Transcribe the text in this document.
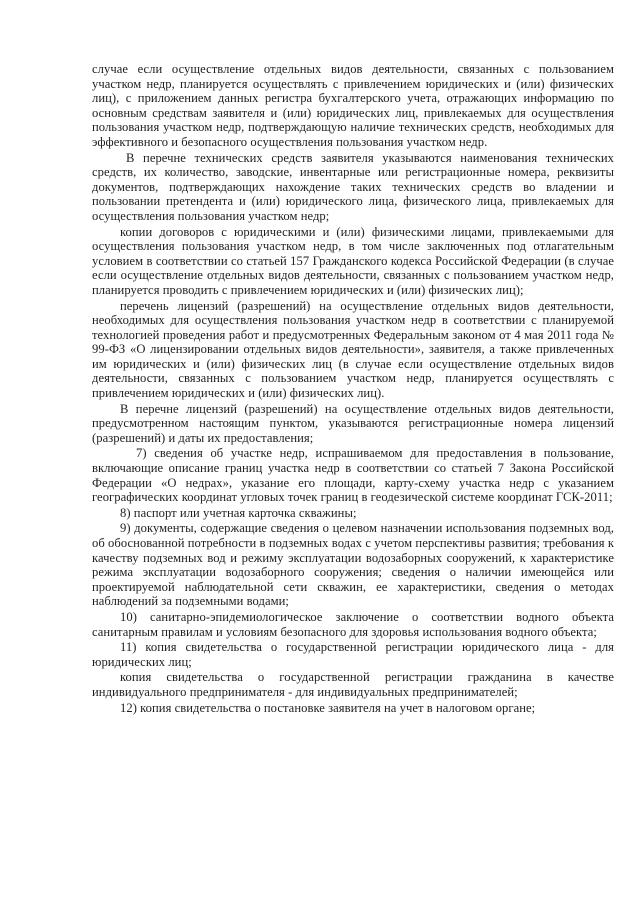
случае если осуществление отдельных видов деятельности, связанных с пользованием участком недр, планируется осуществлять с привлечением юридических и (или) физических лиц), с приложением данных регистра бухгалтерского учета, отражающих информацию по основным средствам заявителя и (или) юридических лиц, привлекаемых для осуществления пользования участком недр, подтверждающую наличие технических средств, необходимых для эффективного и безопасного осуществления пользования участком недр.

В перечне технических средств заявителя указываются наименования технических средств, их количество, заводские, инвентарные или регистрационные номера, реквизиты документов, подтверждающих нахождение таких технических средств во владении и пользовании претендента и (или) юридического лица, физического лица, привлекаемых для осуществления пользования участком недр;

копии договоров с юридическими и (или) физическими лицами, привлекаемыми для осуществления пользования участком недр, в том числе заключенных под отлагательным условием в соответствии со статьей 157 Гражданского кодекса Российской Федерации (в случае если осуществление отдельных видов деятельности, связанных с пользованием участком недр, планируется проводить с привлечением юридических и (или) физических лиц);

перечень лицензий (разрешений) на осуществление отдельных видов деятельности, необходимых для осуществления пользования участком недр в соответствии с планируемой технологией проведения работ и предусмотренных Федеральным законом от 4 мая 2011 года № 99-ФЗ «О лицензировании отдельных видов деятельности», заявителя, а также привлеченных им юридических и (или) физических лиц (в случае если осуществление отдельных видов деятельности, связанных с пользованием участком недр, планируется осуществлять с привлечением юридических и (или) физических лиц).

В перечне лицензий (разрешений) на осуществление отдельных видов деятельности, предусмотренном настоящим пунктом, указываются регистрационные номера лицензий (разрешений) и даты их предоставления;

7) сведения об участке недр, испрашиваемом для предоставления в пользование, включающие описание границ участка недр в соответствии со статьей 7 Закона Российской Федерации «О недрах», указание его площади, карту-схему участка недр с указанием географических координат угловых точек границ в геодезической системе координат ГСК-2011;

8) паспорт или учетная карточка скважины;

9) документы, содержащие сведения о целевом назначении использования подземных вод, об обоснованной потребности в подземных водах с учетом перспективы развития; требования к качеству подземных вод и режиму эксплуатации водозаборных сооружений, к характеристике режима эксплуатации водозаборного сооружения; сведения о наличии имеющейся или проектируемой наблюдательной сети скважин, ее характеристики, сведения о методах наблюдений за подземными водами;

10) санитарно-эпидемиологическое заключение о соответствии водного объекта санитарным правилам и условиям безопасного для здоровья использования водного объекта;

11) копия свидетельства о государственной регистрации юридического лица - для юридических лиц;

копия свидетельства о государственной регистрации гражданина в качестве индивидуального предпринимателя - для индивидуальных предпринимателей;

12) копия свидетельства о постановке заявителя на учет в налоговом органе;
